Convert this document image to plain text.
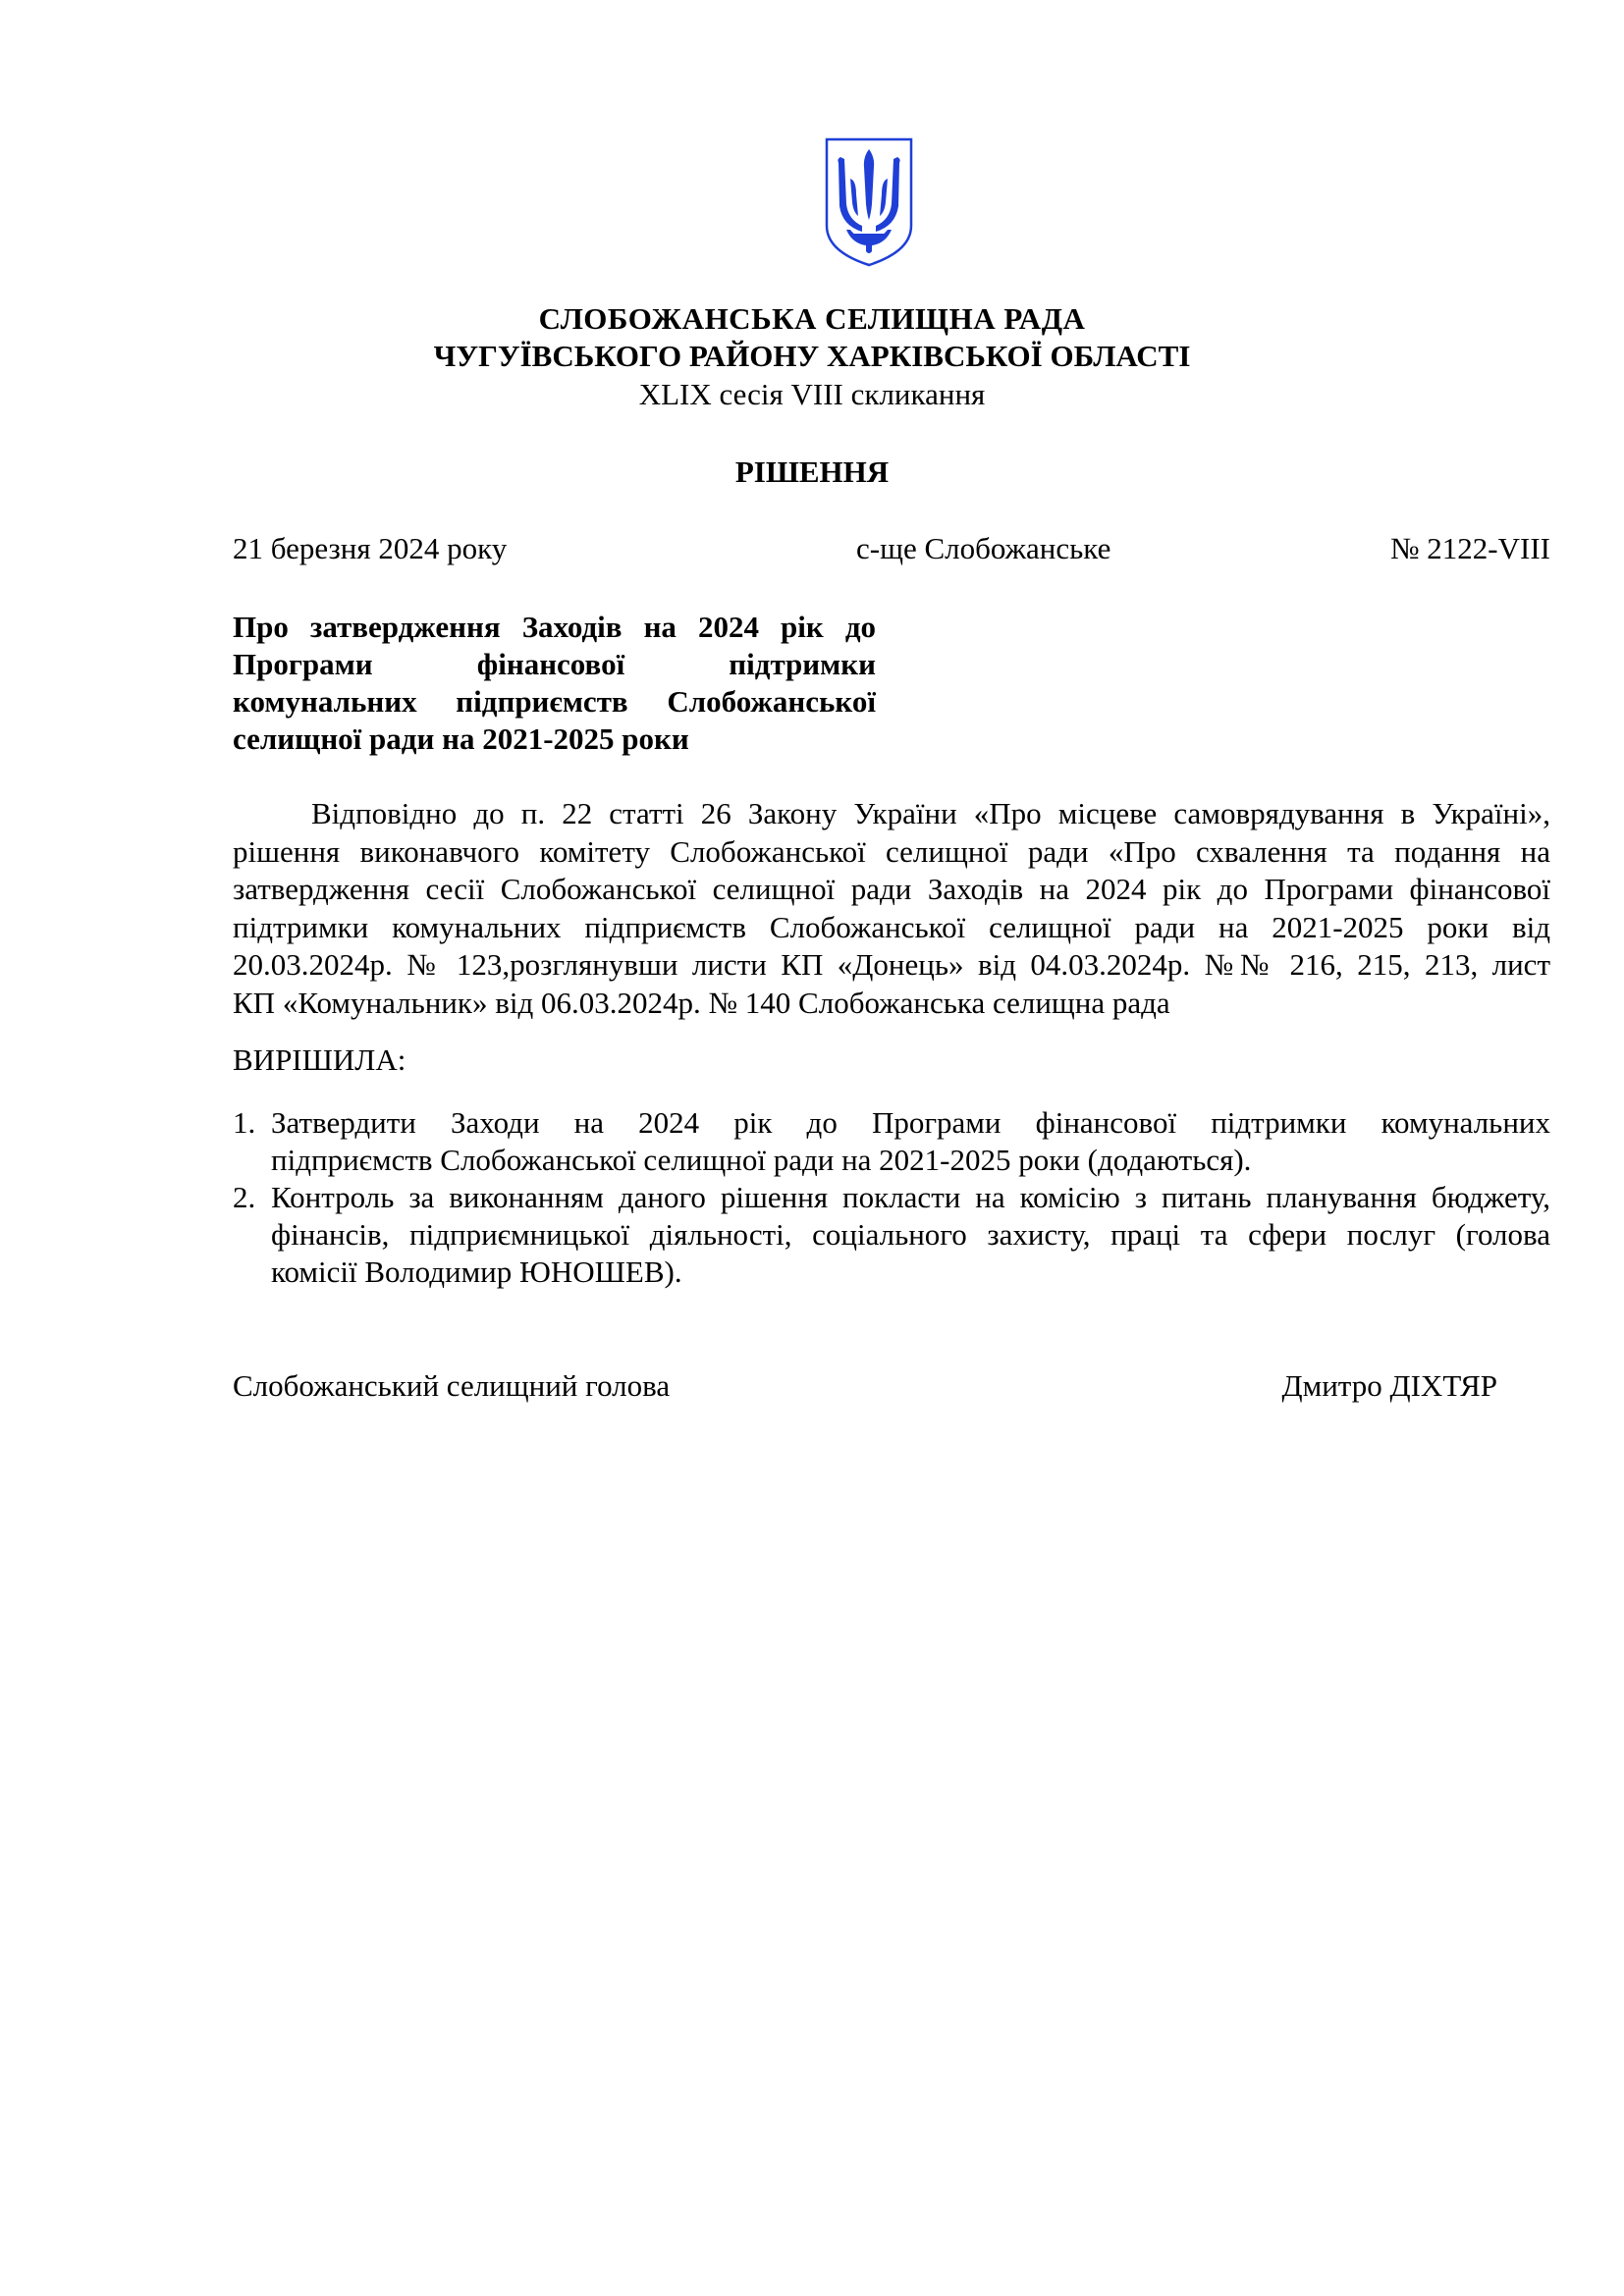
СЛОБОЖАНСЬКА СЕЛИЩНА РАДА
ЧУГУЇВСЬКОГО РАЙОНУ ХАРКІВСЬКОЇ ОБЛАСТІ
XLIX сесія VIII скликання
РІШЕННЯ
21 березня 2024 року	с-ще Слобожанське	№ 2122-VIII
Про затвердження Заходів на 2024 рік до
Програми фінансової підтримки
комунальних підприємств Слобожанської
селищної ради на 2021-2025 роки
Відповідно до п. 22 статті 26 Закону України «Про місцеве самоврядування в Україні»,
рішення виконавчого комітету Слобожанської селищної ради «Про схвалення та подання на
затвердження сесії Слобожанської селищної ради Заходів на 2024 рік до Програми фінансової
підтримки комунальних підприємств Слобожанської селищної ради на 2021-2025 роки від
20.03.2024р. № 123,розглянувши листи КП «Донець» від 04.03.2024р. №№ 216, 215, 213, лист
КП «Комунальник» від 06.03.2024р. № 140 Слобожанська селищна рада
ВИРІШИЛА:
1. Затвердити Заходи на 2024 рік до Програми фінансової підтримки комунальних
підприємств Слобожанської селищної ради на 2021-2025 роки (додаються).
2. Контроль за виконанням даного рішення покласти на комісію з питань планування бюджету,
фінансів, підприємницької діяльності, соціального захисту, праці та сфери послуг (голова
комісії Володимир ЮНОШЕВ).
Слобожанський селищний голова	Дмитро ДІХТЯР
